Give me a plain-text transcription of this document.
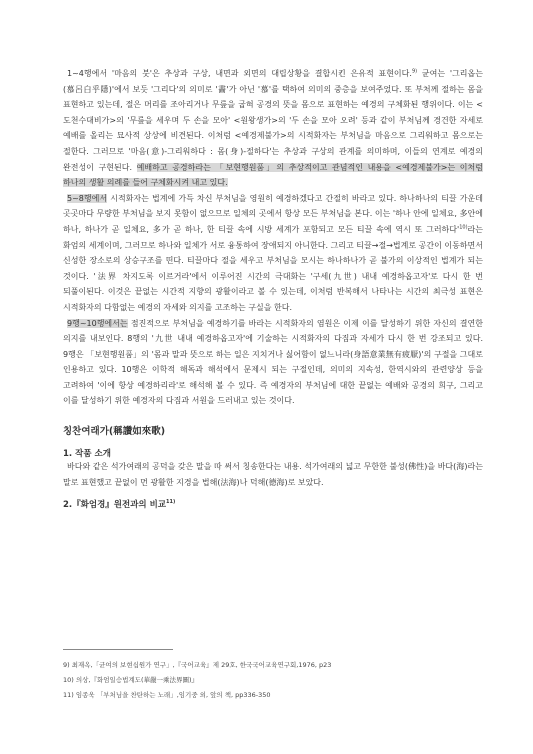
1~4행에서 '마음의 붓'은 추상과 구상, 내면과 외면의 대립상황을 결합시킨 은유적 표현이다.$^{9)}$ 균여는 '그리옵는(慕呂白乎隱)'에서 보듯 '그리다'의 의미로 '畵'가 아닌 '慕'를 택하여 의미의 중층을 보여주었다. 또 부처께 절하는 몸을 표현하고 있는데, 절은 머리를 조아리거나 무릎을 굽혀 공경의 뜻을 몸으로 표현하는 예경의 구체화된 행위이다. 이는 <도천수대비가>의 '무릎을 세우며 두 손을 모아' <원왕생가>의 '두 손을 모아 오려' 등과 같이 부처님께 경건한 자세로 예배를 올리는 묘사적 상상에 비견된다. 이처럼 <예경제불가>의 시적화자는 부처님을 마음으로 그리워하고 몸으로는 절한다. 그러므로 '마음(意)-그리워하다 : 몸(身)-절하다'는 추상과 구상의 관계를 의미하며, 이들의 연계로 예경의 완전성이 구현된다. 예배하고 공경하라는 「보현행원품」의 추상적이고 관념적인 내용을 <예경제불가>는 이처럼 하나의 생활 의례를 들어 구체화시켜 내고 있다.

5~8행에서 시적화자는 법계에 가득 차신 부처님을 영원히 예경하겠다고 간절히 바라고 있다. 하나하나의 티끌 가운데 곳곳마다 무량한 부처님을 보지 못함이 없으므로 일체의 곳에서 항상 모든 부처님을 본다. 이는 '하나 안에 일체요, 多안에 하나, 하나가 곧 일체요, 多가 곧 하나, 한 티끌 속에 시방 세계가 포함되고 모든 티끌 속에 역시 또 그러하다'$^{10)}$라는 화엄의 세계이며, 그러므로 하나와 일체가 서로 융통하여 장애되지 아니한다. 그리고 티끌→절→법계로 공간이 이동하면서 신성한 장소로의 상승구조를 띤다. 티끌마다 절을 세우고 부처님을 모시는 하나하나가 곧 불가의 이상적인 법계가 되는 것이다. '法界 차지도록 이르거라'에서 이루어진 시간의 극대화는 '구세(九世) 내내 예경하옵고자'로 다시 한 번 되풀이된다. 이것은 끝없는 시간적 지향의 광활이라고 볼 수 있는데, 이처럼 반복해서 나타나는 시간의 최극성 표현은 시적화자의 다함없는 예경의 자세와 의지를 고조하는 구실을 한다.

9행~10행에서는 점진적으로 부처님을 예경하기를 바라는 시적화자의 염원은 이제 이를 달성하기 위한 자신의 결연한 의지를 내보인다. 8행의 '九世 내내 예경하옵고자'에 기술하는 시적화자의 다짐과 자세가 다시 한 번 강조되고 있다. 9행은 「보현행원품」의 '몸과 말과 뜻으로 하는 일은 지치거나 싫어함이 없느니라(身語意業無有疲厭)'의 구절을 그대로 인용하고 있다. 10행은 이학적 해독과 해석에서 문제시 되는 구절인데, 의미의 지속성, 한역시와의 관련양상 등을 고려하여 '이에 항상 예경하리라'로 해석해 볼 수 있다. 즉 예경자의 부처님에 대한 끝없는 예배와 공경의 희구, 그리고 이를 달성하기 위한 예경자의 다짐과 서원을 드러내고 있는 것이다.

칭찬여래가(稱讚如來歌)

1. 작품 소개

바다와 같은 석가여래의 공덕을 갖은 말을 따 써서 칭송한다는 내용. 석가여래의 넓고 무한한 불성(佛性)을 바다(海)라는 말로 표현했고 끝없이 먼 광활한 지경을 법해(法海)나 덕해(德海)로 보았다.

2.『화엄경』원전과의 비교$^{11)}$

9) 최재옥,「균여의 보현십원가 연구」,『국어교육』제 29호, 한국국어교육연구회,1976, p23

10) 의상,『화엄일승법계도(華嚴一乘法界圖)』

11) 임종욱 「부처님을 찬탄하는 노래」,임기중 외, 앞의 책, pp336-350
